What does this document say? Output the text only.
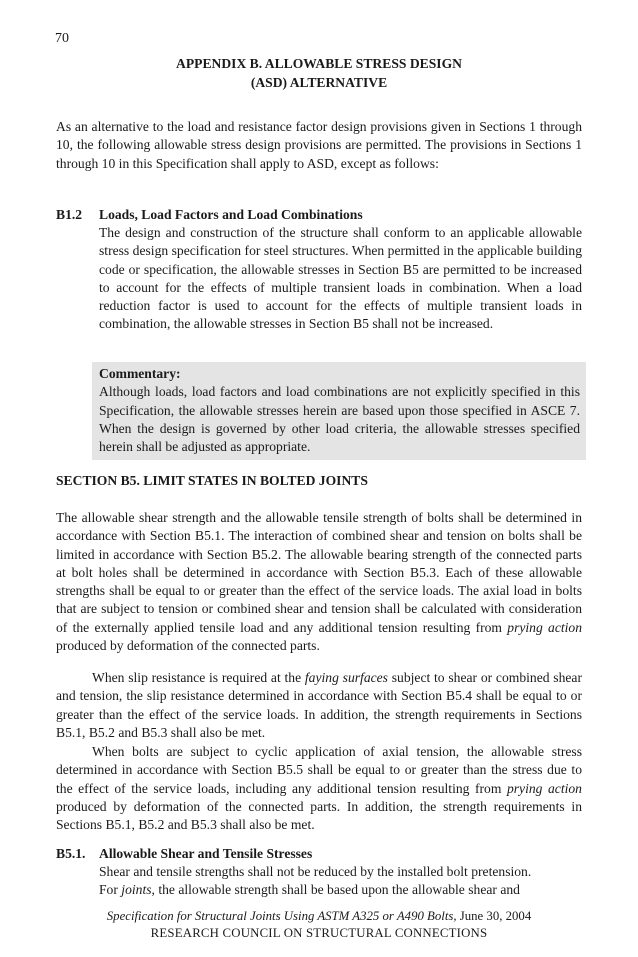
70
APPENDIX B. ALLOWABLE STRESS DESIGN
(ASD) ALTERNATIVE
As an alternative to the load and resistance factor design provisions given in Sections 1 through 10, the following allowable stress design provisions are permitted. The provisions in Sections 1 through 10 in this Specification shall apply to ASD, except as follows:
B1.2 Loads, Load Factors and Load Combinations
The design and construction of the structure shall conform to an applicable allowable stress design specification for steel structures. When permitted in the applicable building code or specification, the allowable stresses in Section B5 are permitted to be increased to account for the effects of multiple transient loads in combination. When a load reduction factor is used to account for the effects of multiple transient loads in combination, the allowable stresses in Section B5 shall not be increased.
Commentary:
Although loads, load factors and load combinations are not explicitly specified in this Specification, the allowable stresses herein are based upon those specified in ASCE 7. When the design is governed by other load criteria, the allowable stresses specified herein shall be adjusted as appropriate.
SECTION B5. LIMIT STATES IN BOLTED JOINTS
The allowable shear strength and the allowable tensile strength of bolts shall be determined in accordance with Section B5.1. The interaction of combined shear and tension on bolts shall be limited in accordance with Section B5.2. The allowable bearing strength of the connected parts at bolt holes shall be determined in accordance with Section B5.3. Each of these allowable strengths shall be equal to or greater than the effect of the service loads. The axial load in bolts that are subject to tension or combined shear and tension shall be calculated with consideration of the externally applied tensile load and any additional tension resulting from prying action produced by deformation of the connected parts.
When slip resistance is required at the faying surfaces subject to shear or combined shear and tension, the slip resistance determined in accordance with Section B5.4 shall be equal to or greater than the effect of the service loads. In addition, the strength requirements in Sections B5.1, B5.2 and B5.3 shall also be met.
When bolts are subject to cyclic application of axial tension, the allowable stress determined in accordance with Section B5.5 shall be equal to or greater than the stress due to the effect of the service loads, including any additional tension resulting from prying action produced by deformation of the connected parts. In addition, the strength requirements in Sections B5.1, B5.2 and B5.3 shall also be met.
B5.1. Allowable Shear and Tensile Stresses
Shear and tensile strengths shall not be reduced by the installed bolt pretension.
For joints, the allowable strength shall be based upon the allowable shear and
Specification for Structural Joints Using ASTM A325 or A490 Bolts, June 30, 2004
RESEARCH COUNCIL ON STRUCTURAL CONNECTIONS
